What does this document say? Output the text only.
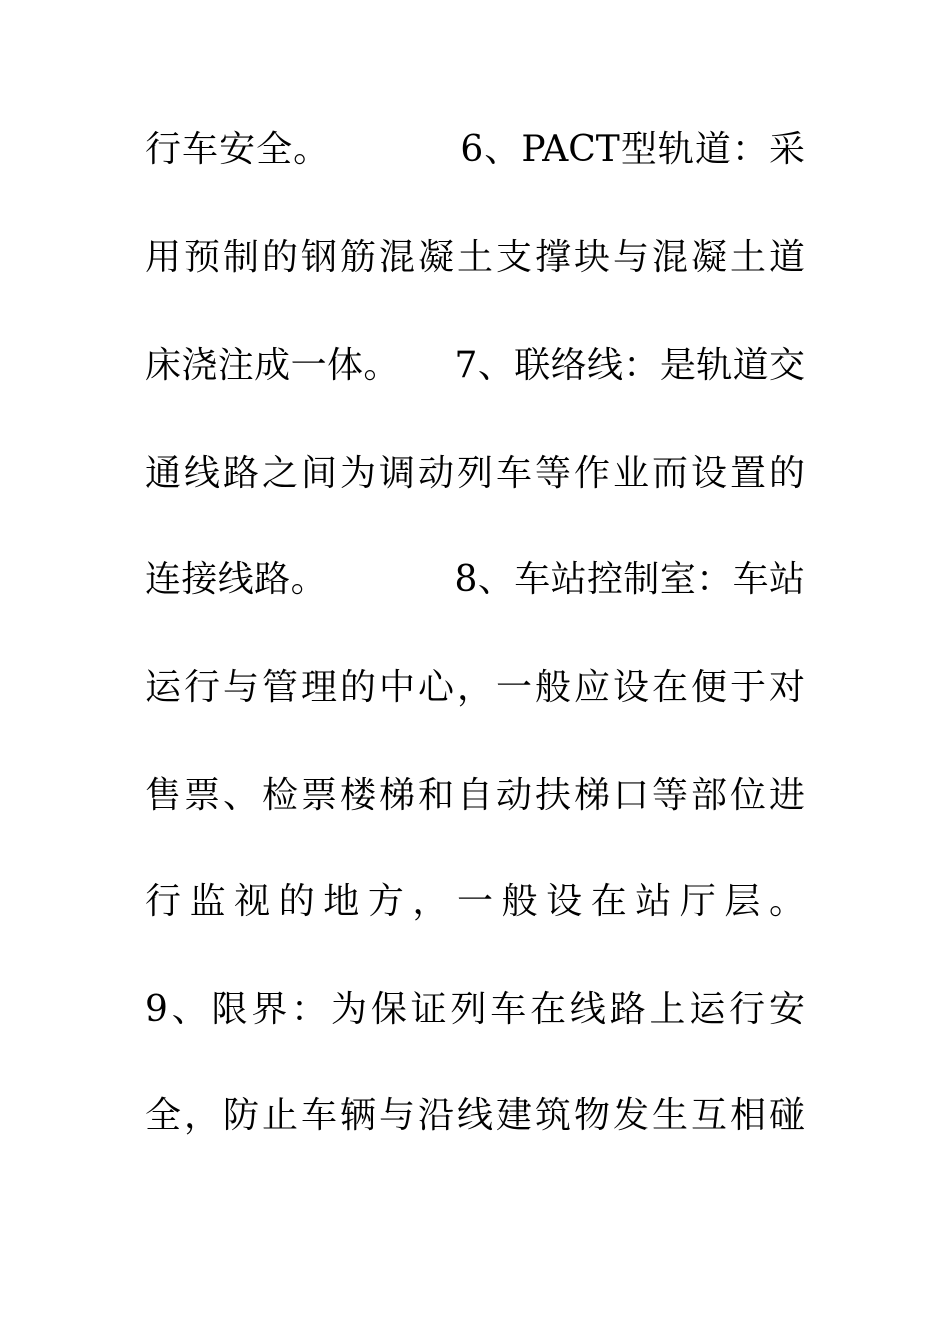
行车安全。　　　　6、PACT型轨道：采
用预制的钢筋混凝土支撑块与混凝土道
床浇注成一体。　　7、联络线：是轨道交
通线路之间为调动列车等作业而设置的
连接线路。　　　　8、车站控制室：车站
运行与管理的中心，一般应设在便于对
售票、检票楼梯和自动扶梯口等部位进
行监视的地方，一般设在站厅层。
9、限界：为保证列车在线路上运行安
全，防止车辆与沿线建筑物发生互相碰
